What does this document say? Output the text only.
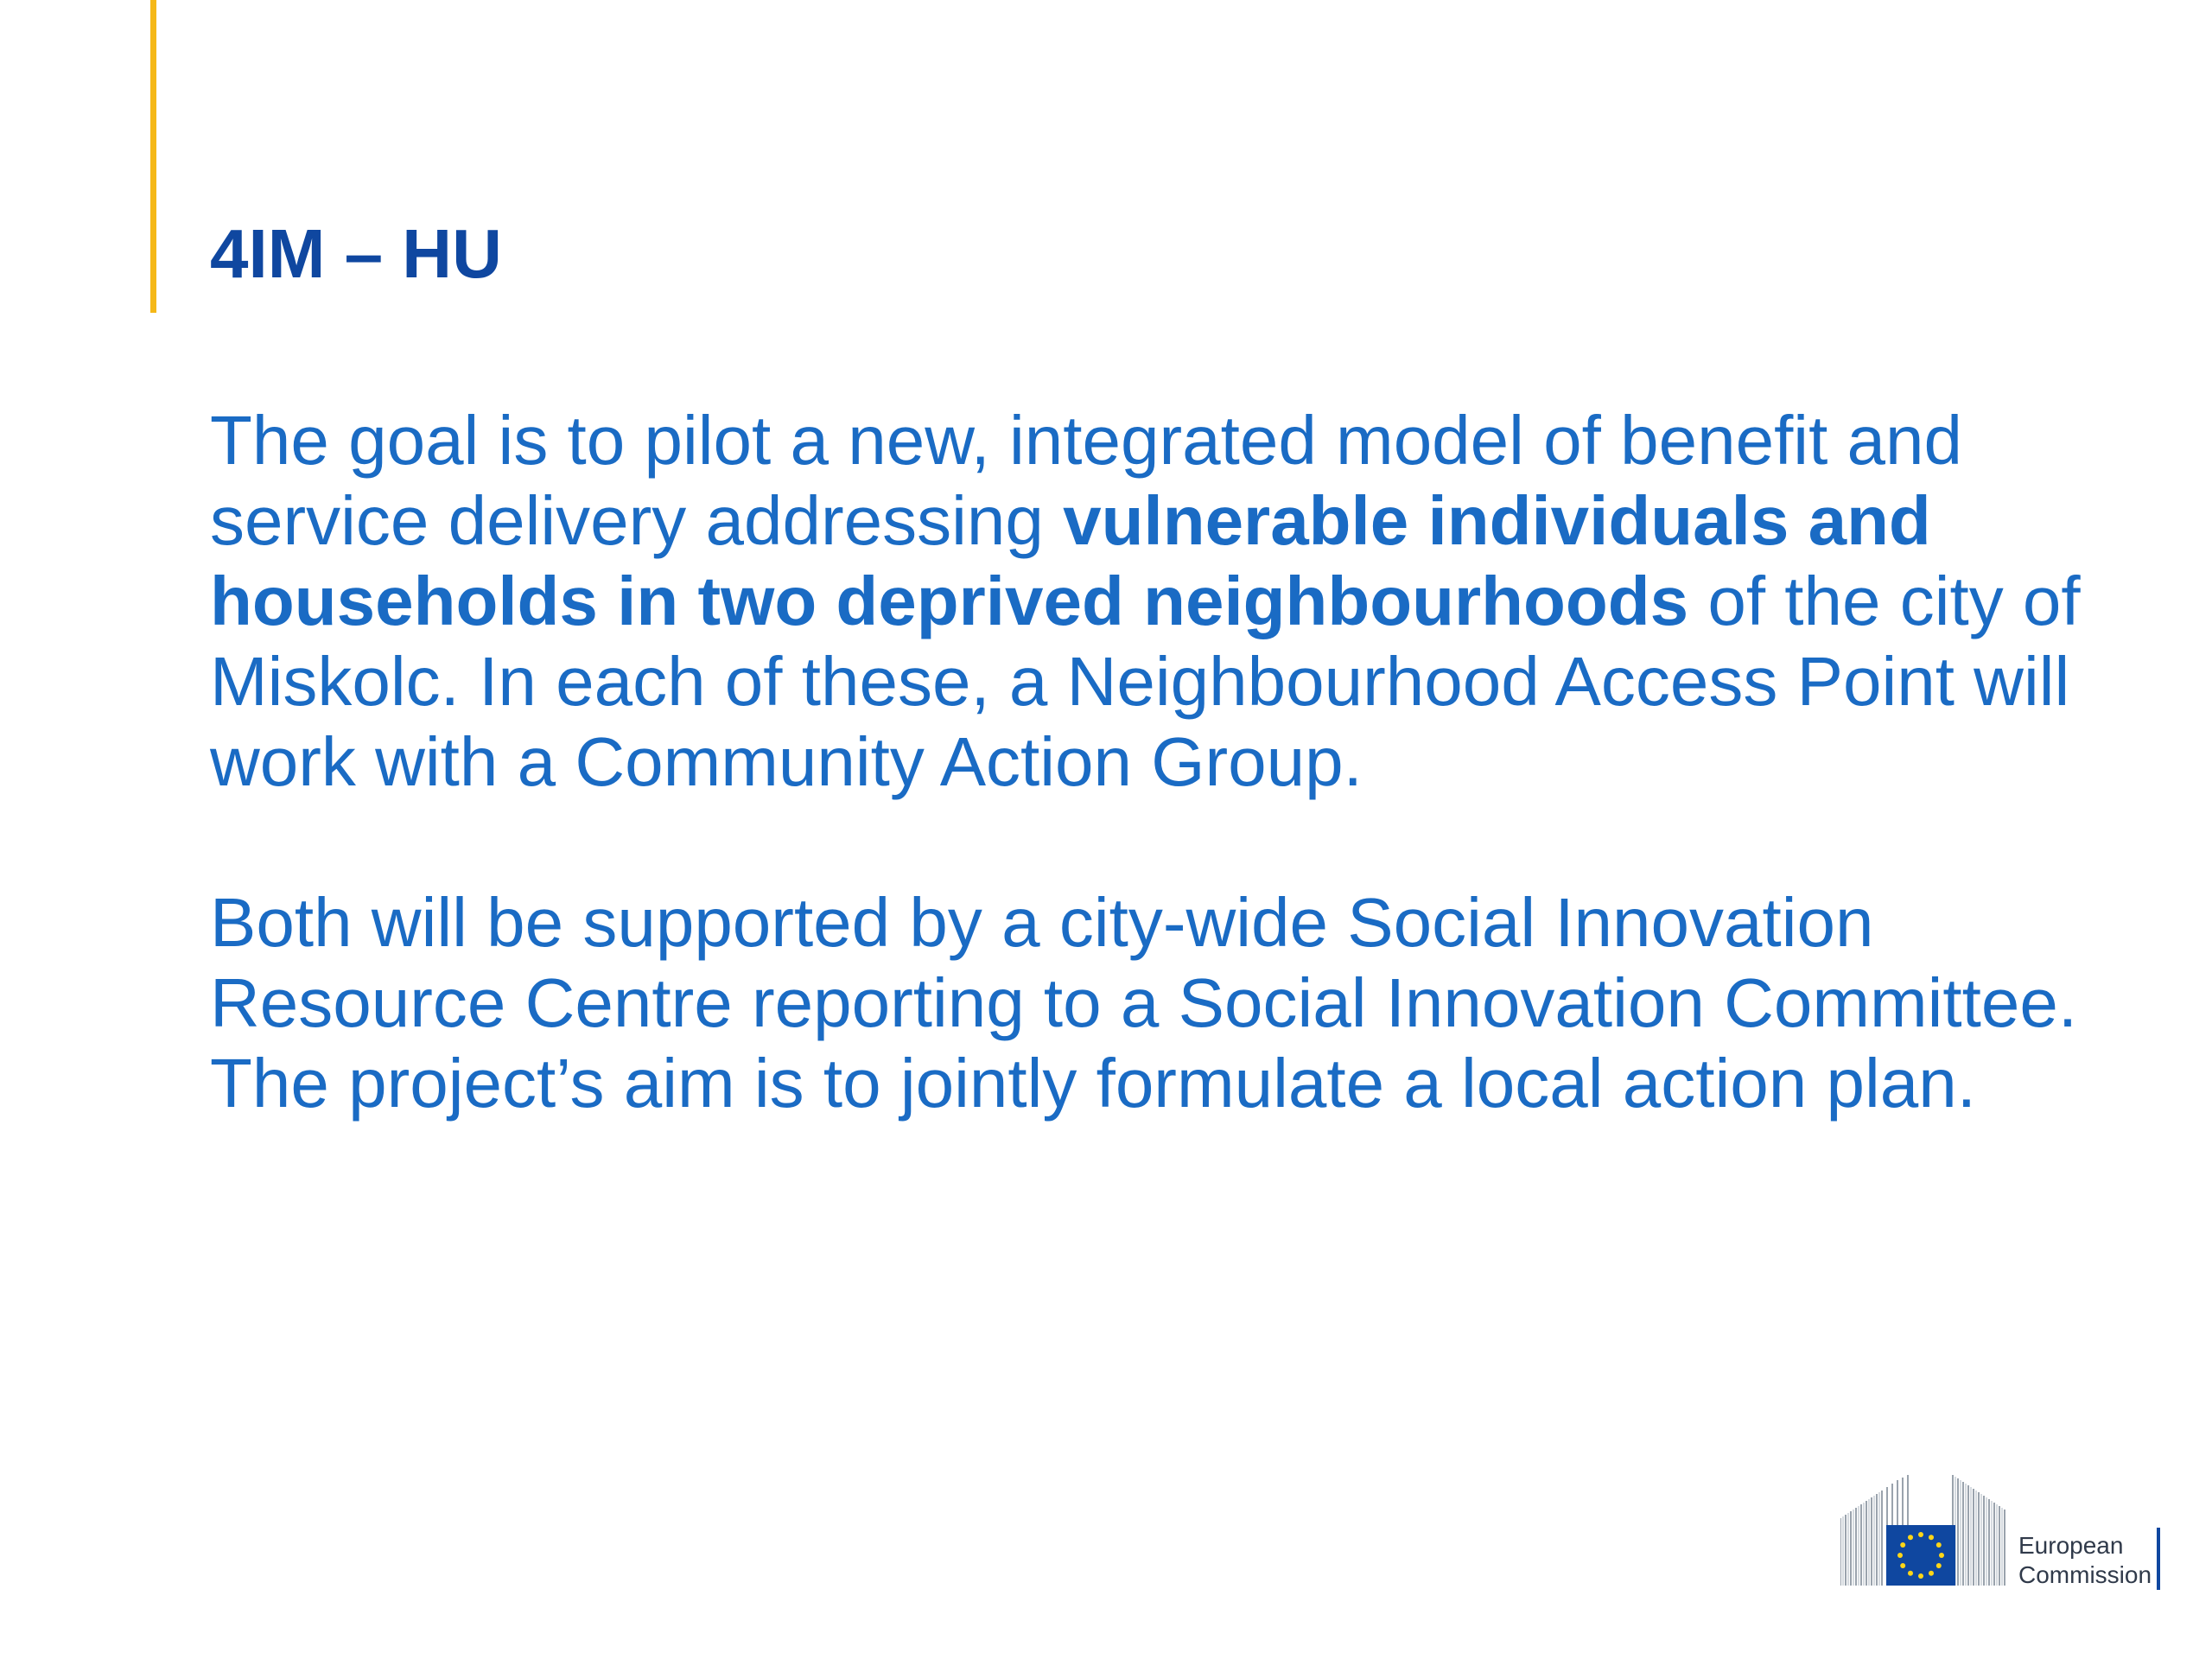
4IM – HU

The goal is to pilot a new, integrated model of benefit and service delivery addressing vulnerable individuals and households in two deprived neighbourhoods of the city of Miskolc. In each of these, a Neighbourhood Access Point will work with a Community Action Group.

Both will be supported by a city-wide Social Innovation Resource Centre reporting to a Social Innovation Committee. The project’s aim is to jointly formulate a local action plan.

European
Commission
